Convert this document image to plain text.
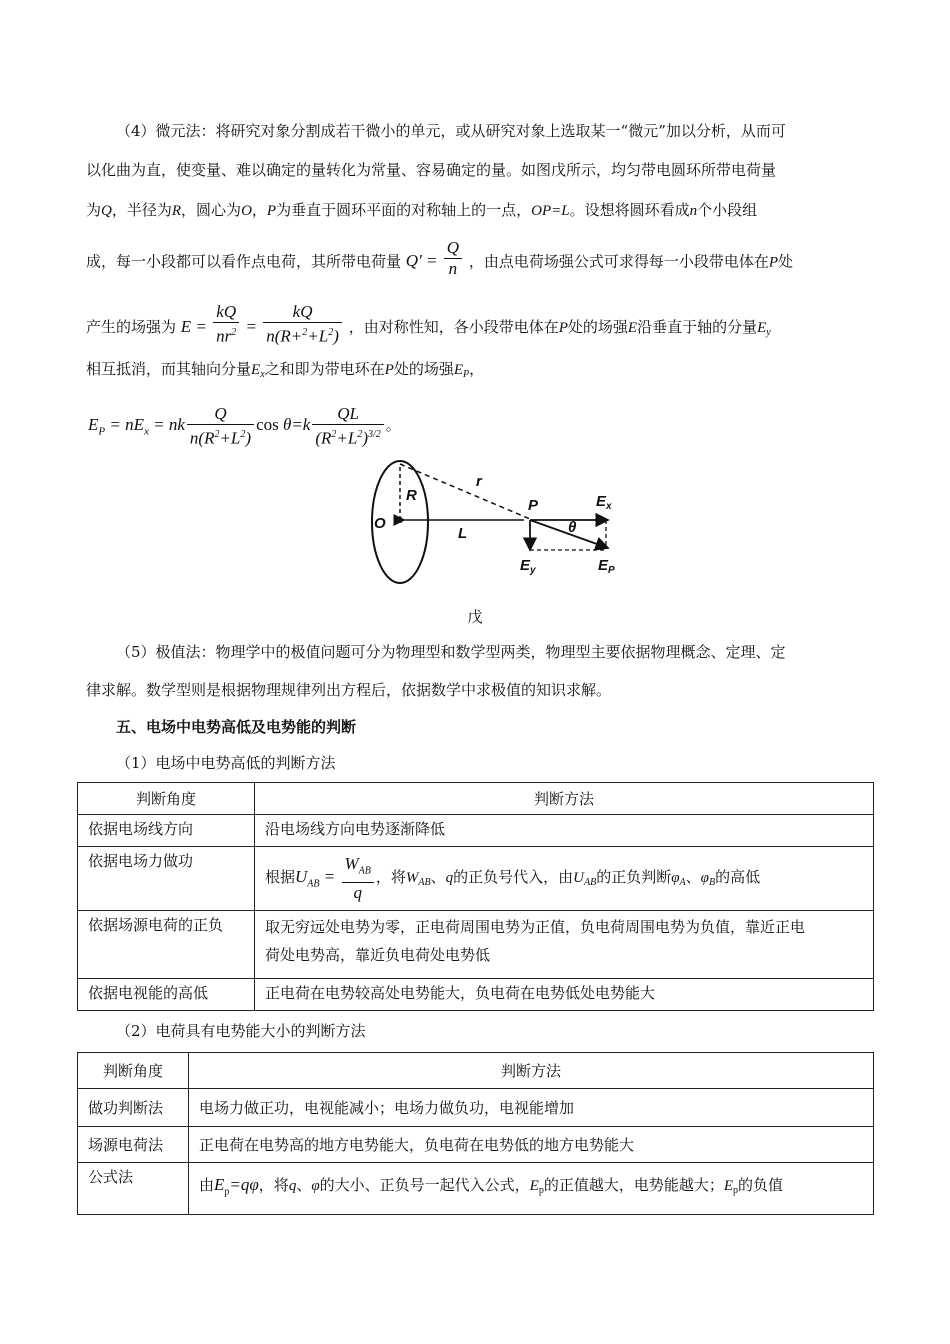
（4）微元法：将研究对象分割成若干微小的单元，或从研究对象上选取某一“微元”加以分析，从而可
以化曲为直，使变量、难以确定的量转化为常量、容易确定的量。如图戊所示，均匀带电圆环所带电荷量
为Q，半径为R，圆心为O，P为垂直于圆环平面的对称轴上的一点，OP=L。设想将圆环看成n个小段组
成，每一小段都可以看作点电荷，其所带电荷量 $Q' = \frac{Q}{n}$ ，由点电荷场强公式可求得每一小段带电体在P处
产生的场强为 $E = \frac{kQ}{nr^2} = \frac{kQ}{n(R+^2+L^2)}$ ，由对称性知，各小段带电体在P处的场强E沿垂直于轴的分量$E_y$
相互抵消，而其轴向分量$E_x$之和即为带电环在P处的场强$E_P$，
$E_P = nE_x$ = nk $\frac{Q}{n(R^2+L^2)}$ $\cos \theta=k \frac{QL}{(R^2+L^2)^{3/2}}$ 。
R
r
O
L
P
θ
$E_x$
$E_y$	$E_P$
戊
（5）极值法：物理学中的极值问题可分为物理型和数学型两类，物理型主要依据物理概念、定理、定
律求解。数学型则是根据物理规律列出方程后，依据数学中求极值的知识求解。
五、电场中电势高低及电势能的判断
（1）电场中电势高低的判断方法
判断角度	判断方法
依据电场线方向	沿电场线方向电势逐渐降低
依据电场力做功	根据$U_{AB} = \frac{W_{AB}}{q}$ ，将$W_{AB}$、q的正负号代入，由$U_{AB}$的正负判断$\varphi_A$、$\varphi_B$的高低
依据场源电荷的正负	取无穷远处电势为零，正电荷周围电势为正值，负电荷周围电势为负值，靠近正电
荷处电势高，靠近负电荷处电势低

依据电视能的高低	正电荷在电势较高处电势能大，负电荷在电势低处电势能大
（2）电荷具有电势能大小的判断方法
判断角度	判断方法
做功判断法	电场力做正功，电视能减小；电场力做负功，电视能增加
场源电荷法	正电荷在电势高的地方电势能大，负电荷在电势低的地方电势能大
公式法	由$E_p=q\varphi$，将q、φ的大小、正负号一起代入公式，$E_p$的正值越大，电势能越大；$E_p$的负值
